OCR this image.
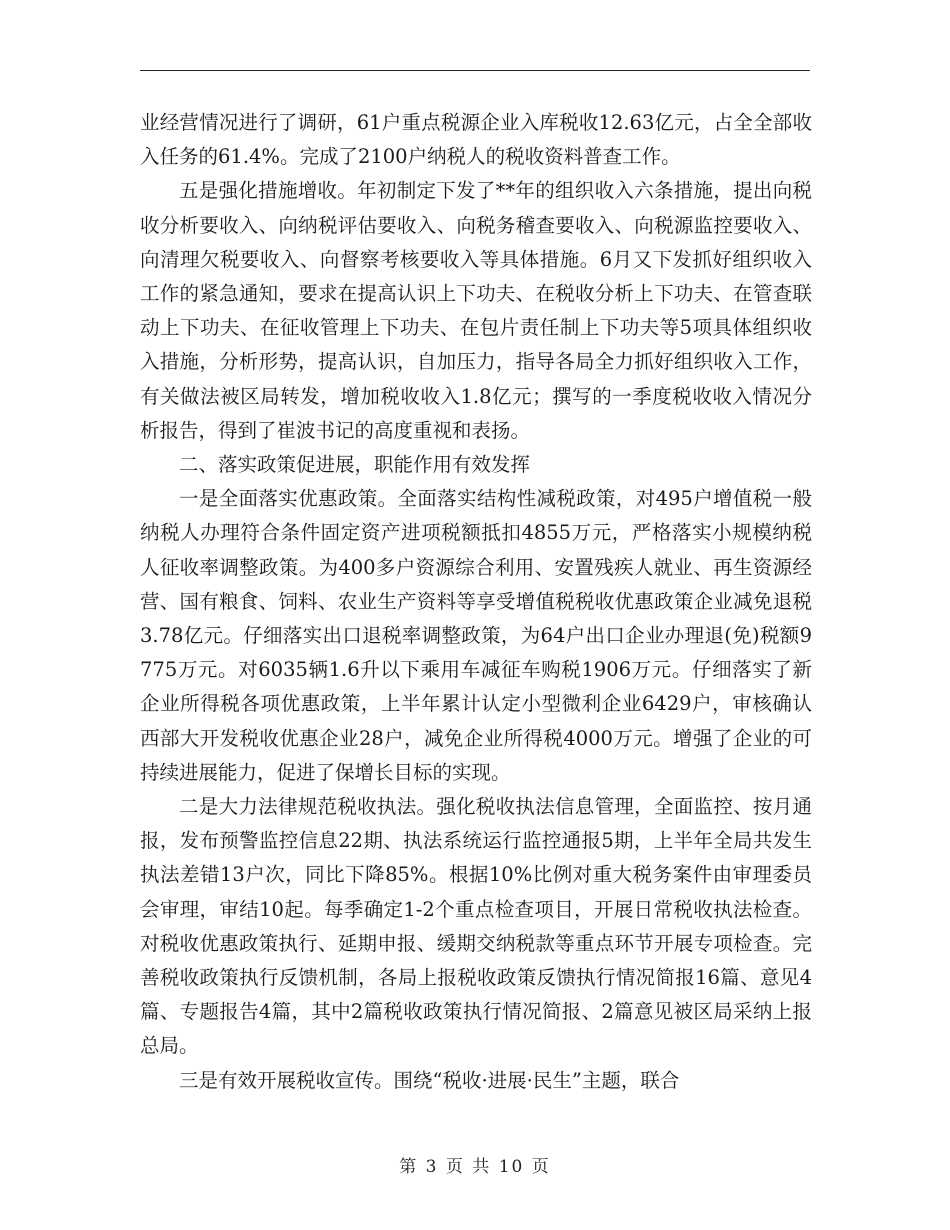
业经营情况进行了调研，61户重点税源企业入库税收12.63亿元，占全全部收入任务的61.4%。完成了2100户纳税人的税收资料普查工作。

五是强化措施增收。年初制定下发了**年的组织收入六条措施，提出向税收分析要收入、向纳税评估要收入、向税务稽查要收入、向税源监控要收入、向清理欠税要收入、向督察考核要收入等具体措施。6月又下发抓好组织收入工作的紧急通知，要求在提高认识上下功夫、在税收分析上下功夫、在管查联动上下功夫、在征收管理上下功夫、在包片责任制上下功夫等5项具体组织收入措施，分析形势，提高认识，自加压力，指导各局全力抓好组织收入工作，有关做法被区局转发，增加税收收入1.8亿元；撰写的一季度税收收入情况分析报告，得到了崔波书记的高度重视和表扬。

二、落实政策促进展，职能作用有效发挥

一是全面落实优惠政策。全面落实结构性减税政策，对495户增值税一般纳税人办理符合条件固定资产进项税额抵扣4855万元，严格落实小规模纳税人征收率调整政策。为400多户资源综合利用、安置残疾人就业、再生资源经营、国有粮食、饲料、农业生产资料等享受增值税税收优惠政策企业减免退税3.78亿元。仔细落实出口退税率调整政策，为64户出口企业办理退(免)税额9775万元。对6035辆1.6升以下乘用车减征车购税1906万元。仔细落实了新企业所得税各项优惠政策，上半年累计认定小型微利企业6429户，审核确认西部大开发税收优惠企业28户，减免企业所得税4000万元。增强了企业的可持续进展能力，促进了保增长目标的实现。

二是大力法律规范税收执法。强化税收执法信息管理，全面监控、按月通报，发布预警监控信息22期、执法系统运行监控通报5期，上半年全局共发生执法差错13户次，同比下降85%。根据10%比例对重大税务案件由审理委员会审理，审结10起。每季确定1-2个重点检查项目，开展日常税收执法检查。对税收优惠政策执行、延期申报、缓期交纳税款等重点环节开展专项检查。完善税收政策执行反馈机制，各局上报税收政策反馈执行情况简报16篇、意见4篇、专题报告4篇，其中2篇税收政策执行情况简报、2篇意见被区局采纳上报总局。

三是有效开展税收宣传。围绕“税收·进展·民生”主题，联合

第 3 页 共 10 页
